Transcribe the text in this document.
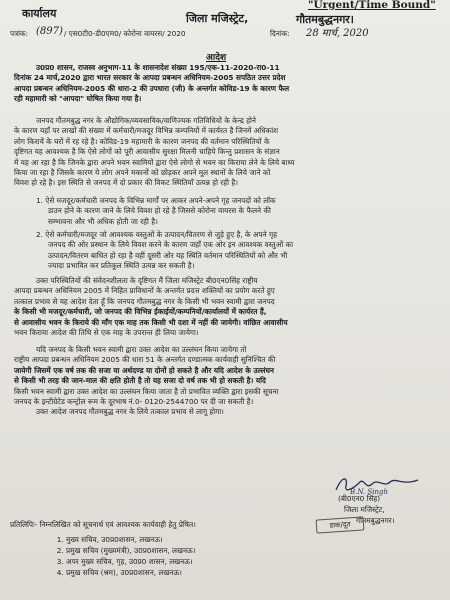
कार्यालय	जिला मजिस्ट्रेट,	गौतमबुद्धनगर।
"Urgent/Time Bound"
पत्रांक: (897) / एस0टी0-डी0एम0/ कोरोना वायरस/ 2020	दिनांक: 28 मार्च, 2020
आदेश
उ0प्र0 शासन, राजस्व अनुभाग-11 के शासनादेश संख्या 195/एक-11-2020-रा0-11
दिनांक 24 मार्च,2020 द्वारा भारत सरकार के आपदा प्रबन्धन अधिनियम-2005 सपठित उत्तर प्रदेश
आपदा प्रबन्धन अधिनियम-2005 की धारा-2 की उपधारा (जी) के अन्तर्गत कोविड-19 के कारण फैल
रही महामारी को "आपदा" घोषित किया गया है।
जनपद गौतमबुद्ध नगर के औद्योगिक/व्यवसायिक/वाणिज्यक गतिविधियों के केन्द्र होने
के कारण यहाँ पर लाखों की संख्या में कर्मचारी/मजदूर विभिन्न कम्पनियों में कार्यरत है जिनमें अधिकांश
लोग किरायें के घरों में रह रहे है। कोविड-19 महामारी के कारण जनपद की वर्तमान परिस्थितियों के
दृष्टिगत यह आवश्यक है कि ऐसे लोगों को पूरी आवासीय सुरक्षा मिलनी चाहिये किन्तु प्रशासन के संज्ञान
में यह आ रहा है कि जिनके द्वारा अपने भवन स्वामियों द्वारा ऐसे लोगो से भवन का किराया लेने के लिये बाध्य
किया जा रहा है जिसके कारण ये लोग अपने मकानों को छोड़कर अपने मूल स्थानों के लिये जाने को
विवश हो रहे है। इस स्थिति से जनपद में दो प्रकार की विकट स्थितियाँ उत्पन्न हो रही है।
1. ऐसे मजदूर/कर्मचारी जनपद के विभिन्न मार्गों पर आकर अपने-अपने गृह जनपदों को लॉक
डाउन होने के कारण जाने के लिये विवश हो रहे है जिससे कोरोना वायरस के फैलने की
सम्भावना और भी अधिक होती जा रही है।
2. ऐसे कर्मचारी/मजदूर जो आवश्यक वस्तुओं के उत्पादन/वितरण से जुड़े हुए है, के अपने गृह
जनपद की ओर प्रस्थान के लिये विवश करने के कारण जहाँ एक ओर इन आवश्यक वस्तुओं का
उत्पादन/वितरण बाधित हो रहा है वहीं दूसरी ओर यह स्थिति वर्तमान परिस्थितियों को और भी
ज्यादा प्रभावित कर प्रतिकूल स्थिति उत्पन्न कर सकती है।
उक्त परिस्थितियों की संवेदनशीलता के दृष्टिगत मैं जिला मजिस्ट्रेट बी0एन0सिंह राष्ट्रीय
आपदा प्रबन्धन अधिनियम 2005 में निहित प्राविधानों के अन्तर्गत प्रदत्त शक्तियों का प्रयोग करते हुए
तत्काल प्रभाव से यह आदेश देता हूँ कि जनपद गौतमबुद्ध नगर के किसी भी भवन स्वामी द्वारा जनपद
के किसी भी मजदूर/कर्मचारी, जो जनपद की विभिन्न ईकाईयों/कम्पनियों/कार्यालयों में कार्यरत हैं,
से आवासीय भवन के किराये की माँग एक माह तक किसी भी दशा में नहीं की जायेगी। वांछित आवासीय
भवन किराया आदेश की तिथि से एक माह के उपरान्त ही लिया जायेगा।
यदि जनपद के किसी भवन स्वामी द्वारा उक्त आदेश का उल्लंघन किया जायेगा तो
राष्ट्रीय आपदा प्रबन्धन अधिनियम 2005 की धारा 51 के अन्तर्गत दण्डात्मक कार्यवाही सुनिश्चित की
जायेगी जिसमें एक वर्ष तक की सजा या अर्थदण्ड या दोनों हो सकते है और यदि आदेश के उल्लंघन
से किसी भी तरह की जान-माल की क्षति होती है तो यह सजा दो वर्ष तक भी हो सकती है। यदि
किसी भवन स्वामी द्वारा उक्त आदेश का उल्लंघन किया जाता है तो प्रभावित व्यक्ति द्वारा इसकी सूचना
जनपद के इन्टीग्रेटेड कन्ट्रोल रूम के दूरभाष नं.0- 0120-2544700 पर दी जा सकती है।
उक्त आदेश जनपद गौतमबुद्ध नगर के लिये तत्काल प्रभाव से लागू होगा।
B.N. Singh
(बी0एन0 सिंह)
जिला मजिस्ट्रेट,
गौतमबुद्धनगर।
प्रतिलिपिः- निम्नलिखित को सूचनार्थ एवं आवश्यक कार्यवाही हेतु प्रेषित।	डाक/दूत
1. मुख्य सचिव, उ0प्र0शासन, लखनऊ।
2. प्रमुख सचिव (मुख्यमंत्री), उ0प्र0शासन, लखनऊ।
3. अपर मुख्य सचिव, गृह, उ0प्र0 शासन, लखनऊ।
4. प्रमुख सचिव (श्रम), उ0प्र0शासन, लखनऊ।
